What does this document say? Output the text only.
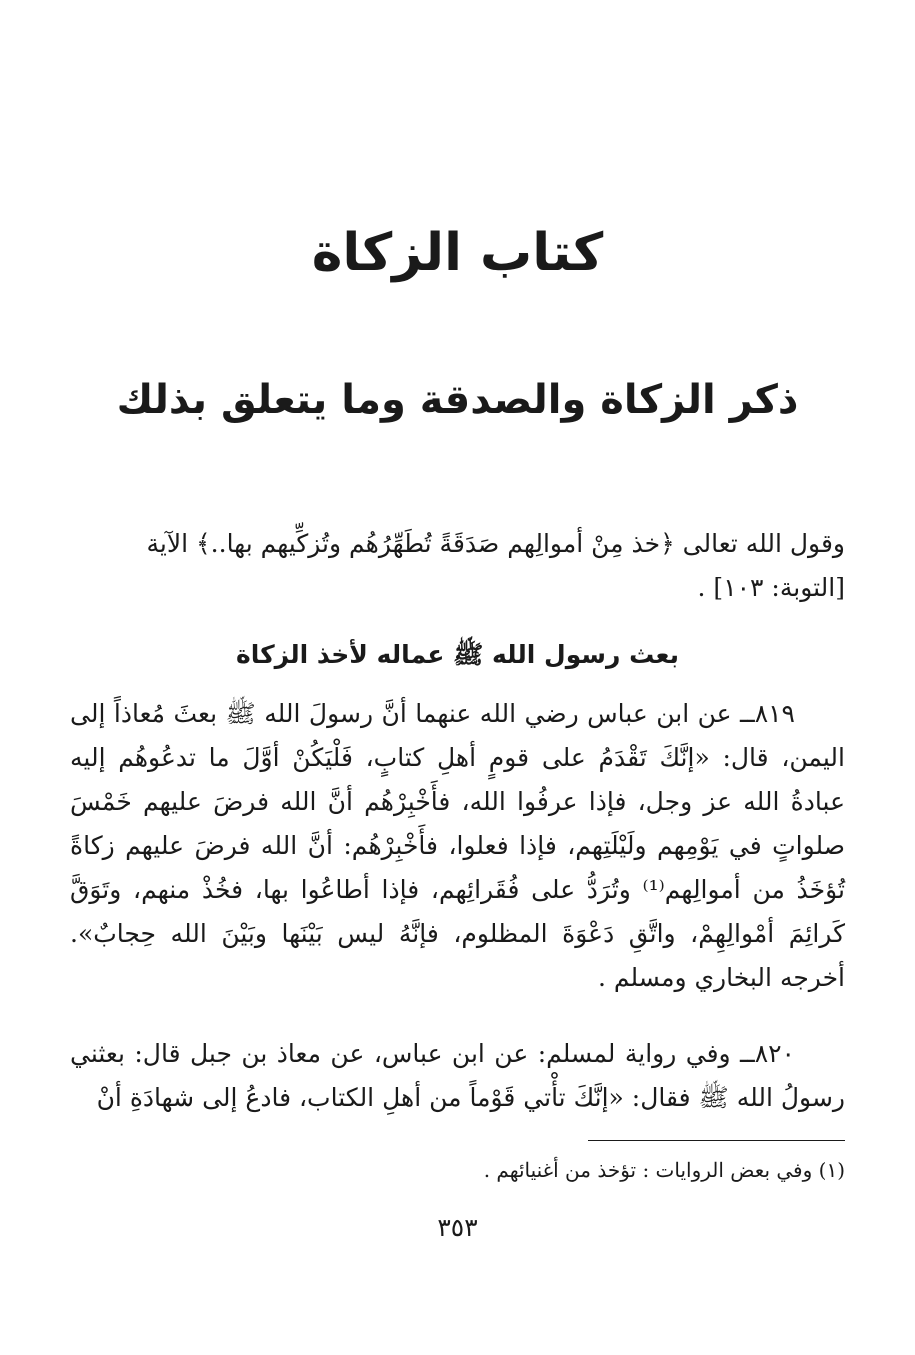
كتاب الزكاة
ذكر الزكاة والصدقة وما يتعلق بذلك
وقول الله تعالى ﴿خذ مِنْ أموالِهم صَدَقَةً تُطَهِّرُهُم وتُزكِّيهم بها..﴾ الآية
[التوبة: ١٠٣] .
بعث رسول الله ﷺ عماله لأخذ الزكاة
٨١٩ــ عن ابن عباس رضي الله عنهما أنَّ رسولَ الله ﷺ بعثَ مُعاذاً إلى اليمن، قال: «إنَّكَ تَقْدَمُ على قومٍ أهلِ كتابٍ، فَلْيَكُنْ أوَّلَ ما تدعُوهُم إليه عبادةُ الله عز وجل، فإذا عرفُوا الله، فأَخْبِرْهُم أنَّ الله فرضَ عليهم خَمْسَ صلواتٍ في يَوْمِهم ولَيْلَتِهم، فإذا فعلوا، فأَخْبِرْهُم: أنَّ الله فرضَ عليهم زكاةً تُؤخَذُ من أموالِهم⁽¹⁾ وتُرَدُّ على فُقَرائِهم، فإذا أطاعُوا بها، فخُذْ منهم، وتَوَقَّ كَرائِمَ أمْوالِهِمْ، واتَّقِ دَعْوَةَ المظلوم، فإنَّهُ ليس بَيْنَها وبَيْنَ الله حِجابٌ». أخرجه البخاري ومسلم .
٨٢٠ــ وفي رواية لمسلم: عن ابن عباس، عن معاذ بن جبل قال: بعثني رسولُ الله ﷺ فقال: «إنَّكَ تأْتي قَوْماً من أهلِ الكتاب، فادعُ إلى شهادَةِ أنْ
(١) وفي بعض الروايات : تؤخذ من أغنيائهم .
٣٥٣
